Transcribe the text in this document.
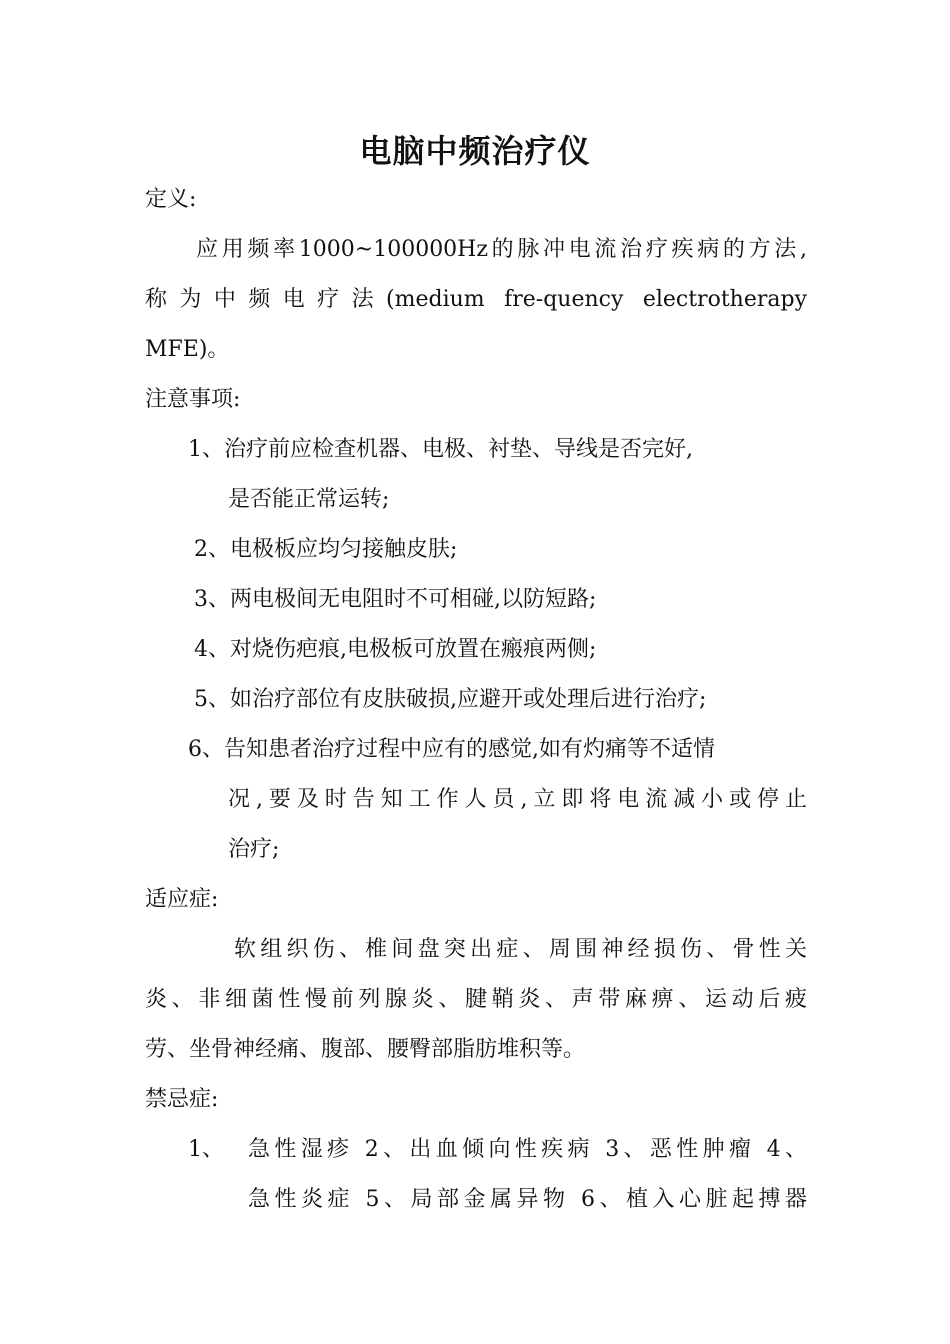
电脑中频治疗仪
定义:
应用频率1000~100000Hz的脉冲电流治疗疾病的方法,
称为中频电疗法(medium fre-quency electrotherapy
MFE)。
注意事项:
1、治疗前应检查机器、电极、衬垫、导线是否完好,
是否能正常运转;
2、电极板应均匀接触皮肤;
3、两电极间无电阻时不可相碰,以防短路;
4、对烧伤疤痕,电极板可放置在瘢痕两侧;
5、如治疗部位有皮肤破损,应避开或处理后进行治疗;
6、告知患者治疗过程中应有的感觉,如有灼痛等不适情
况,要及时告知工作人员,立即将电流减小或停止
治疗;
适应症:
软组织伤、椎间盘突出症、周围神经损伤、骨性关
炎、非细菌性慢前列腺炎、腱鞘炎、声带麻痹、运动后疲
劳、坐骨神经痛、腹部、腰臀部脂肪堆积等。
禁忌症:
1、 急性湿疹 2、出血倾向性疾病 3、恶性肿瘤 4、
急性炎症 5、局部金属异物 6、植入心脏起搏器
